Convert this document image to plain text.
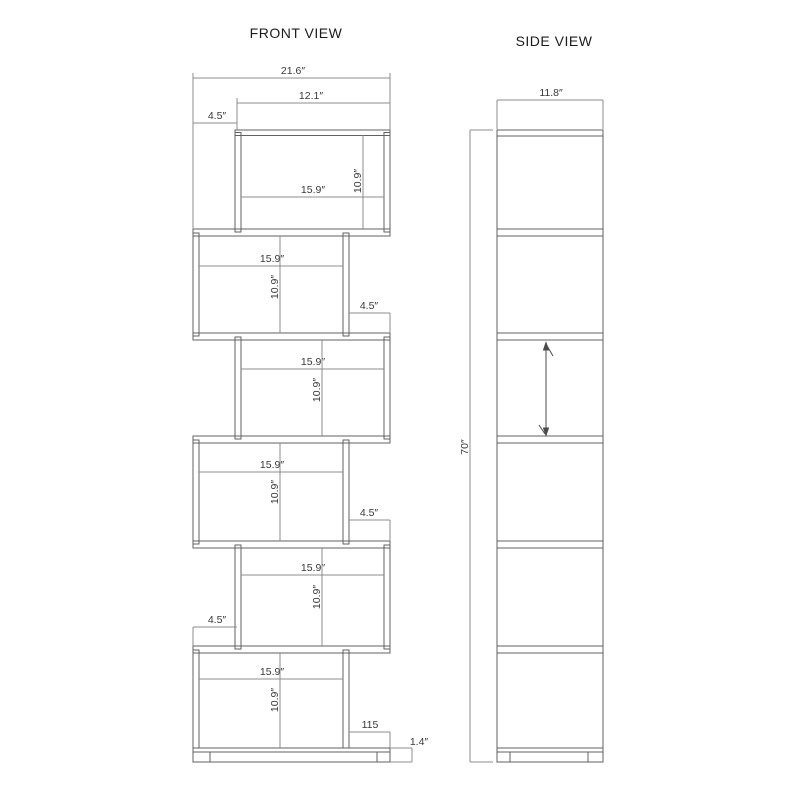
FRONT VIEW	SIDE VIEW
21.6″
12.1″
4.5″
15.9″	10.9″
15.9″
10.9″
4.5″
15.9″
10.9″
15.9″
10.9″
4.5″
15.9″
10.9″
4.5″
15.9″
10.9″
115
1.4″
11.8″
70″
